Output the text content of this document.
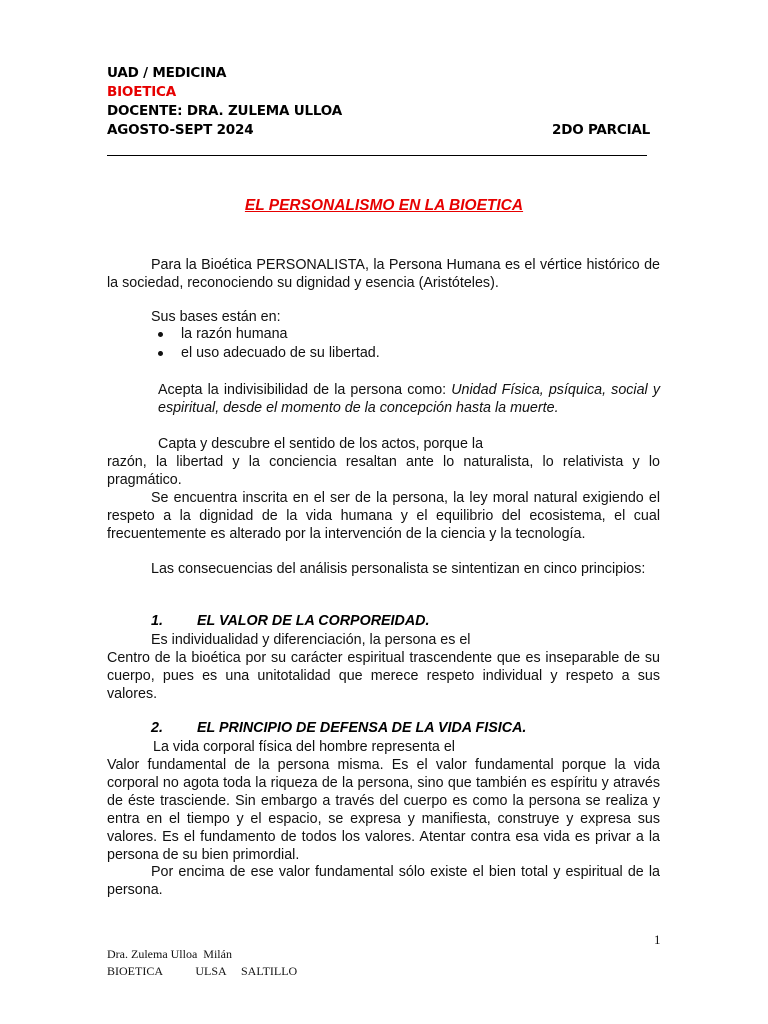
UAD / MEDICINA
BIOETICA
DOCENTE: DRA. ZULEMA ULLOA
AGOSTO-SEPT 2024	2DO PARCIAL
EL PERSONALISMO EN LA BIOETICA
Para la Bioética PERSONALISTA, la Persona Humana es el vértice histórico de la sociedad, reconociendo su dignidad y esencia (Aristóteles).
Sus bases están en:
la razón humana
el uso adecuado de su libertad.
Acepta la indivisibilidad de la persona como: Unidad Física, psíquica, social y espiritual, desde el momento de la concepción hasta la muerte.
Capta y descubre el sentido de los actos, porque la
razón, la libertad y la conciencia resaltan ante lo naturalista, lo relativista y lo pragmático.
Se encuentra inscrita en el ser de la persona, la ley moral natural exigiendo el respeto a la dignidad de la vida humana y el equilibrio del ecosistema, el cual frecuentemente es alterado por la intervención de la ciencia y la tecnología.
Las consecuencias del análisis personalista se sintentizan en cinco principios:
1. EL VALOR DE LA CORPOREIDAD.
Es individualidad y diferenciación, la persona es el
Centro de la bioética por su carácter espiritual trascendente que es inseparable de su cuerpo, pues es una unitotalidad que merece respeto individual y respeto a sus valores.
2. EL PRINCIPIO DE DEFENSA DE LA VIDA FISICA.
La vida corporal física del hombre representa el
Valor fundamental de la persona misma. Es el valor fundamental porque la vida corporal no agota toda la riqueza de la persona, sino que también es espíritu y através de éste trasciende. Sin embargo a través del cuerpo es como la persona se realiza y entra en el tiempo y el espacio, se expresa y manifiesta, construye y expresa sus valores. Es el fundamento de todos los valores. Atentar contra esa vida es privar a la persona de su bien primordial.
Por encima de ese valor fundamental sólo existe el bien total y espiritual de la persona.
1
Dra. Zulema Ulloa  Milán
BIOETICA           ULSA     SALTILLO
